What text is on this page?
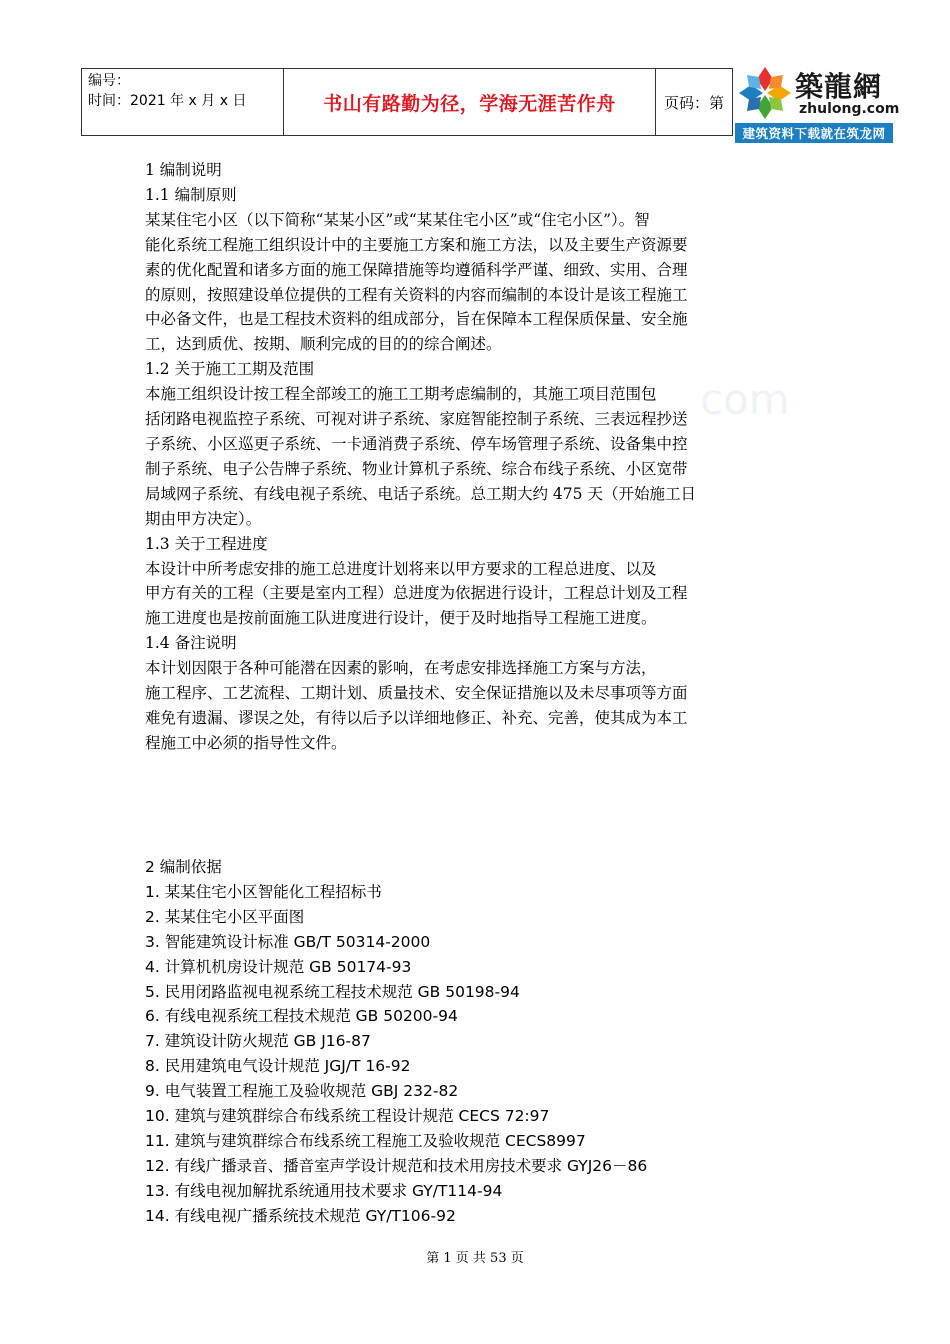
com
编号：
时间：2021 年 x 月 x 日	书山有路勤为径，学海无涯苦作舟	页码：第	築龍網
zhulong.com
建筑资料下载就在筑龙网

1 编制说明

1.1 编制原则

某某住宅小区（以下简称“某某小区”或“某某住宅小区”或“住宅小区”）。智

能化系统工程施工组织设计中的主要施工方案和施工方法，以及主要生产资源要

素的优化配置和诸多方面的施工保障措施等均遵循科学严谨、细致、实用、合理

的原则，按照建设单位提供的工程有关资料的内容而编制的本设计是该工程施工

中必备文件，也是工程技术资料的组成部分，旨在保障本工程保质保量、安全施

工，达到质优、按期、顺利完成的目的的综合阐述。

1.2 关于施工工期及范围

本施工组织设计按工程全部竣工的施工工期考虑编制的，其施工项目范围包

括闭路电视监控子系统、可视对讲子系统、家庭智能控制子系统、三表远程抄送

子系统、小区巡更子系统、一卡通消费子系统、停车场管理子系统、设备集中控

制子系统、电子公告牌子系统、物业计算机子系统、综合布线子系统、小区宽带

局域网子系统、有线电视子系统、电话子系统。总工期大约 475 天（开始施工日

期由甲方决定）。

1.3 关于工程进度

本设计中所考虑安排的施工总进度计划将来以甲方要求的工程总进度、以及

甲方有关的工程（主要是室内工程）总进度为依据进行设计，工程总计划及工程

施工进度也是按前面施工队进度进行设计，便于及时地指导工程施工进度。

1.4 备注说明

本计划因限于各种可能潜在因素的影响，在考虑安排选择施工方案与方法，

施工程序、工艺流程、工期计划、质量技术、安全保证措施以及未尽事项等方面

难免有遗漏、谬误之处，有待以后予以详细地修正、补充、完善，使其成为本工

程施工中必须的指导性文件。

2 编制依据

1. 某某住宅小区智能化工程招标书

2. 某某住宅小区平面图

3. 智能建筑设计标准 GB/T 50314-2000

4. 计算机机房设计规范 GB 50174-93

5. 民用闭路监视电视系统工程技术规范 GB 50198-94

6. 有线电视系统工程技术规范 GB 50200-94

7. 建筑设计防火规范 GB J16-87

8. 民用建筑电气设计规范 JGJ/T 16-92

9. 电气装置工程施工及验收规范 GBJ 232-82

10. 建筑与建筑群综合布线系统工程设计规范 CECS 72:97

11. 建筑与建筑群综合布线系统工程施工及验收规范 CECS8997

12. 有线广播录音、播音室声学设计规范和技术用房技术要求 GYJ26－86

13. 有线电视加解扰系统通用技术要求 GY/T114-94

14. 有线电视广播系统技术规范 GY/T106-92

第 1 页 共 53 页
